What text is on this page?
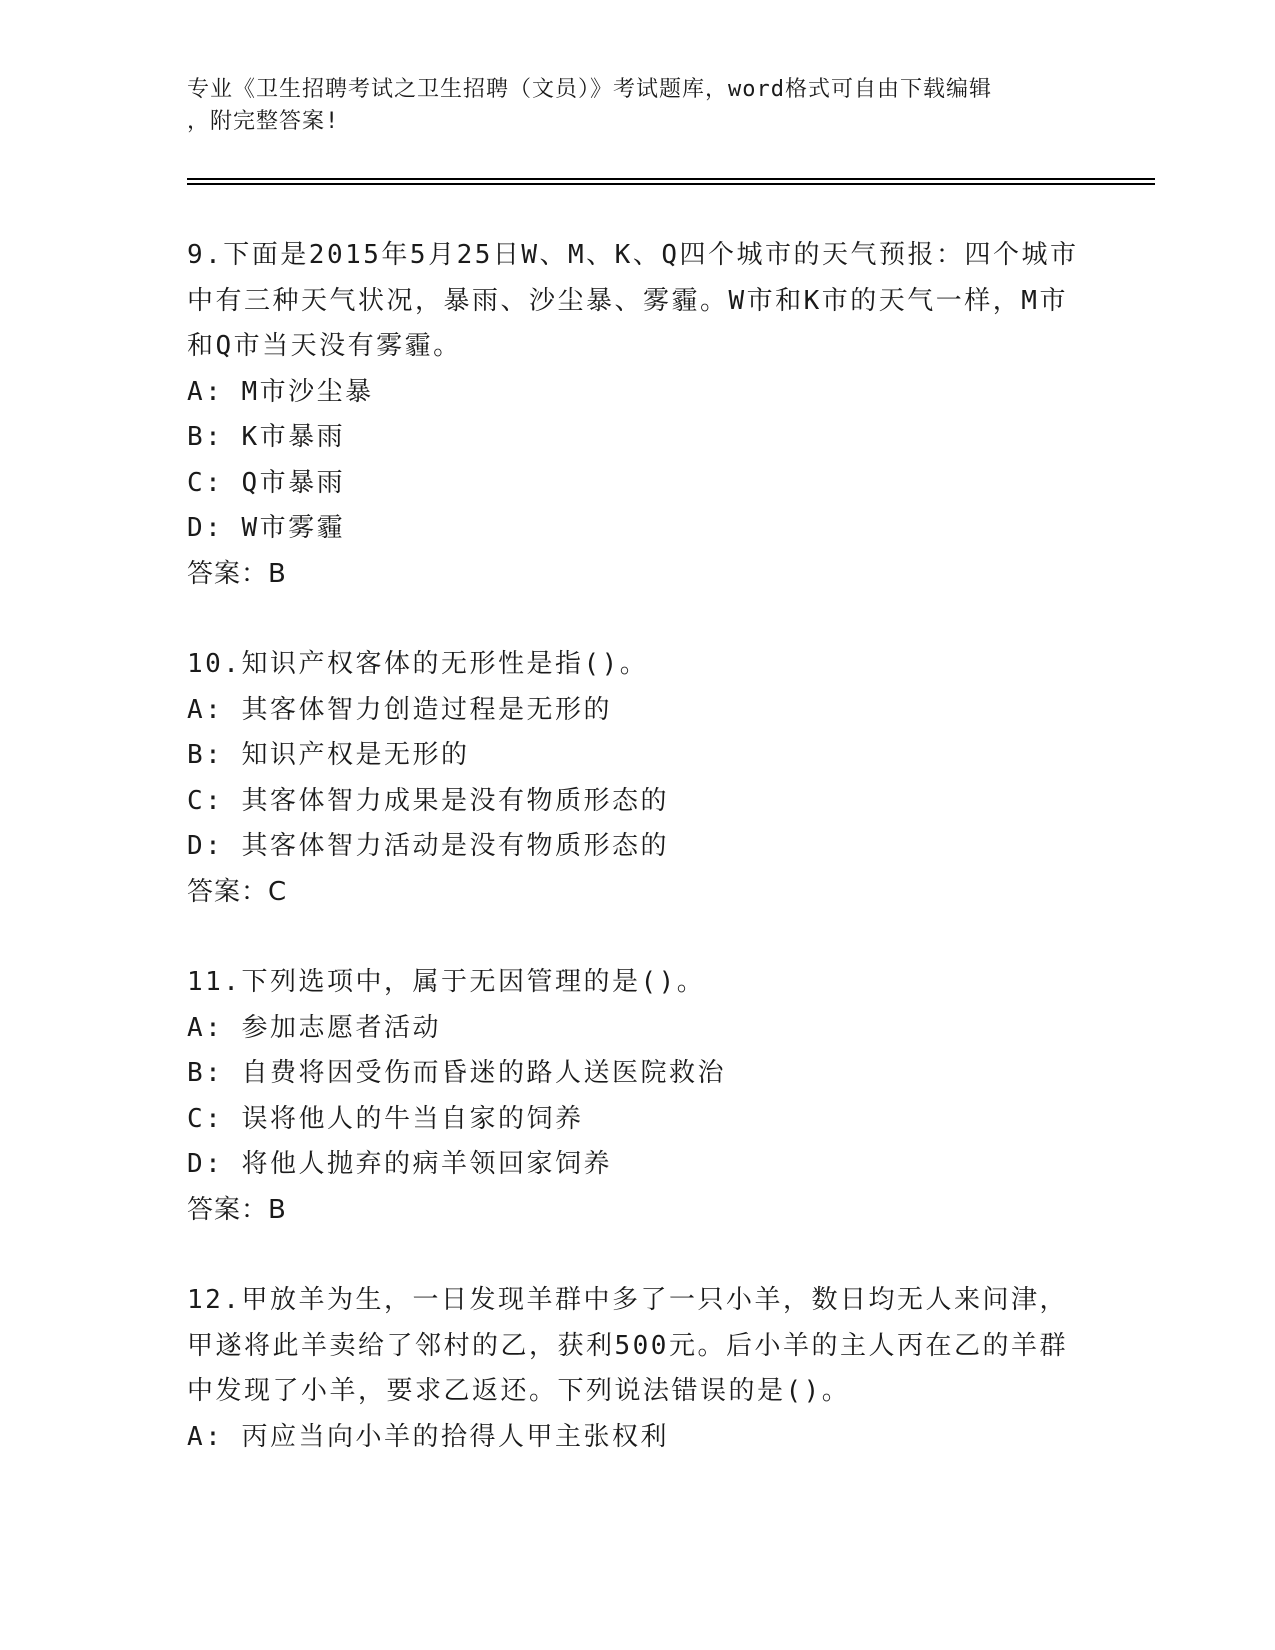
专业《卫生招聘考试之卫生招聘（文员）》考试题库，word格式可自由下载编辑
，附完整答案!
9.下面是2015年5月25日W、M、K、Q四个城市的天气预报：四个城市中有三种天气状况，暴雨、沙尘暴、雾霾。W市和K市的天气一样，M市和Q市当天没有雾霾。
A: M市沙尘暴
B: K市暴雨
C: Q市暴雨
D: W市雾霾
答案：B
10.知识产权客体的无形性是指()。
A: 其客体智力创造过程是无形的
B: 知识产权是无形的
C: 其客体智力成果是没有物质形态的
D: 其客体智力活动是没有物质形态的
答案：C
11.下列选项中，属于无因管理的是()。
A: 参加志愿者活动
B: 自费将因受伤而昏迷的路人送医院救治
C: 误将他人的牛当自家的饲养
D: 将他人抛弃的病羊领回家饲养
答案：B
12.甲放羊为生，一日发现羊群中多了一只小羊，数日均无人来问津，甲遂将此羊卖给了邻村的乙，获利500元。后小羊的主人丙在乙的羊群中发现了小羊，要求乙返还。下列说法错误的是()。
A: 丙应当向小羊的拾得人甲主张权利
